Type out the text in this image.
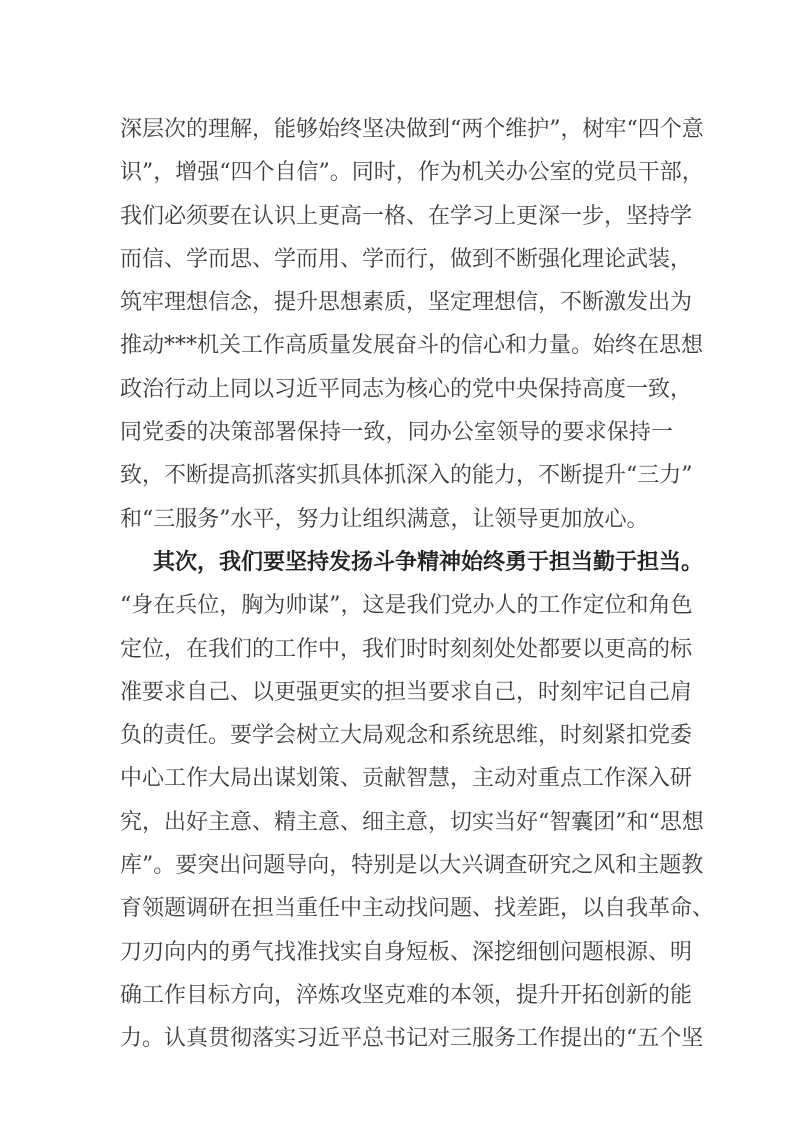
深层次的理解，能够始终坚决做到“两个维护”，树牢“四个意
识”，增强“四个自信”。同时，作为机关办公室的党员干部，
我们必须要在认识上更高一格、在学习上更深一步，坚持学
而信、学而思、学而用、学而行，做到不断强化理论武装，
筑牢理想信念，提升思想素质，坚定理想信，不断激发出为
推动***机关工作高质量发展奋斗的信心和力量。始终在思想
政治行动上同以习近平同志为核心的党中央保持高度一致，
同党委的决策部署保持一致，同办公室领导的要求保持一
致，不断提高抓落实抓具体抓深入的能力，不断提升“三力”
和“三服务”水平，努力让组织满意，让领导更加放心。
其次，我们要坚持发扬斗争精神始终勇于担当勤于担当。
“身在兵位，胸为帅谋”，这是我们党办人的工作定位和角色
定位，在我们的工作中，我们时时刻刻处处都要以更高的标
准要求自己、以更强更实的担当要求自己，时刻牢记自己肩
负的责任。要学会树立大局观念和系统思维，时刻紧扣党委
中心工作大局出谋划策、贡献智慧，主动对重点工作深入研
究，出好主意、精主意、细主意，切实当好“智囊团”和“思想
库”。要突出问题导向，特别是以大兴调查研究之风和主题教
育领题调研在担当重任中主动找问题、找差距，以自我革命、
刀刃向内的勇气找准找实自身短板、深挖细刨问题根源、明
确工作目标方向，淬炼攻坚克难的本领，提升开拓创新的能
力。认真贯彻落实习近平总书记对三服务工作提出的“五个坚
